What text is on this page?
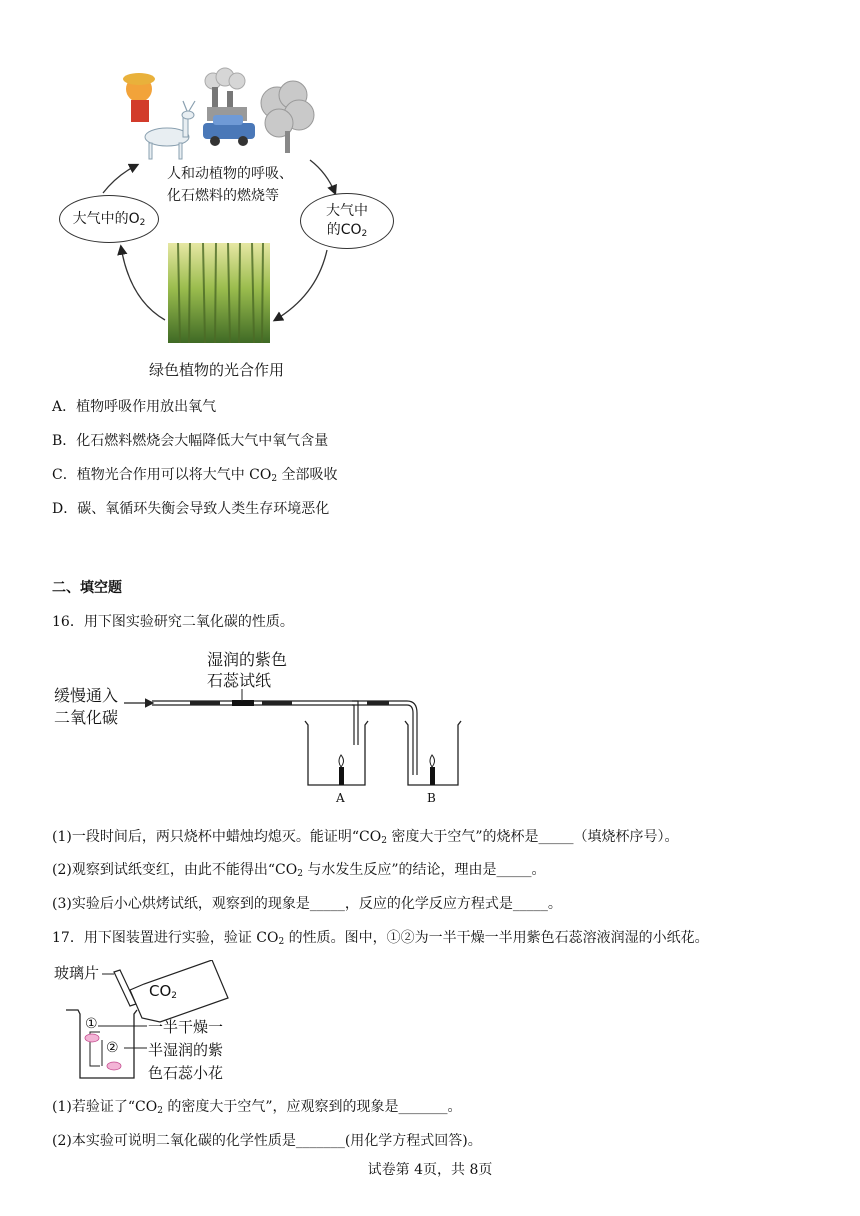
人和动植物的呼吸、
化石燃料的燃烧等
大气中的$O_2$
大气中
的$CO_2$
绿色植物的光合作用
A．植物呼吸作用放出氧气
B．化石燃料燃烧会大幅降低大气中氧气含量
C．植物光合作用可以将大气中 $CO_2$ 全部吸收
D．碳、氧循环失衡会导致人类生存环境恶化
二、填空题
16．用下图实验研究二氧化碳的性质。
湿润的紫色
石蕊试纸
缓慢通入
二氧化碳
A	B
(1)一段时间后，两只烧杯中蜡烛均熄灭。能证明“$CO_2$ 密度大于空气”的烧杯是_____（填烧杯序号）。
(2)观察到试纸变红，由此不能得出“$CO_2$ 与水发生反应”的结论，理由是_____。
(3)实验后小心烘烤试纸，观察到的现象是_____，反应的化学反应方程式是_____。
17．用下图装置进行实验，验证 $CO_2$ 的性质。图中，①②为一半干燥一半用紫色石蕊溶液润湿的小纸花。
玻璃片
$CO_2$
①
②
一半干燥一
半湿润的紫
色石蕊小花
(1)若验证了“$CO_2$ 的密度大于空气”，应观察到的现象是_______。
(2)本实验可说明二氧化碳的化学性质是_______(用化学方程式回答)。
试卷第 4页，共 8页
